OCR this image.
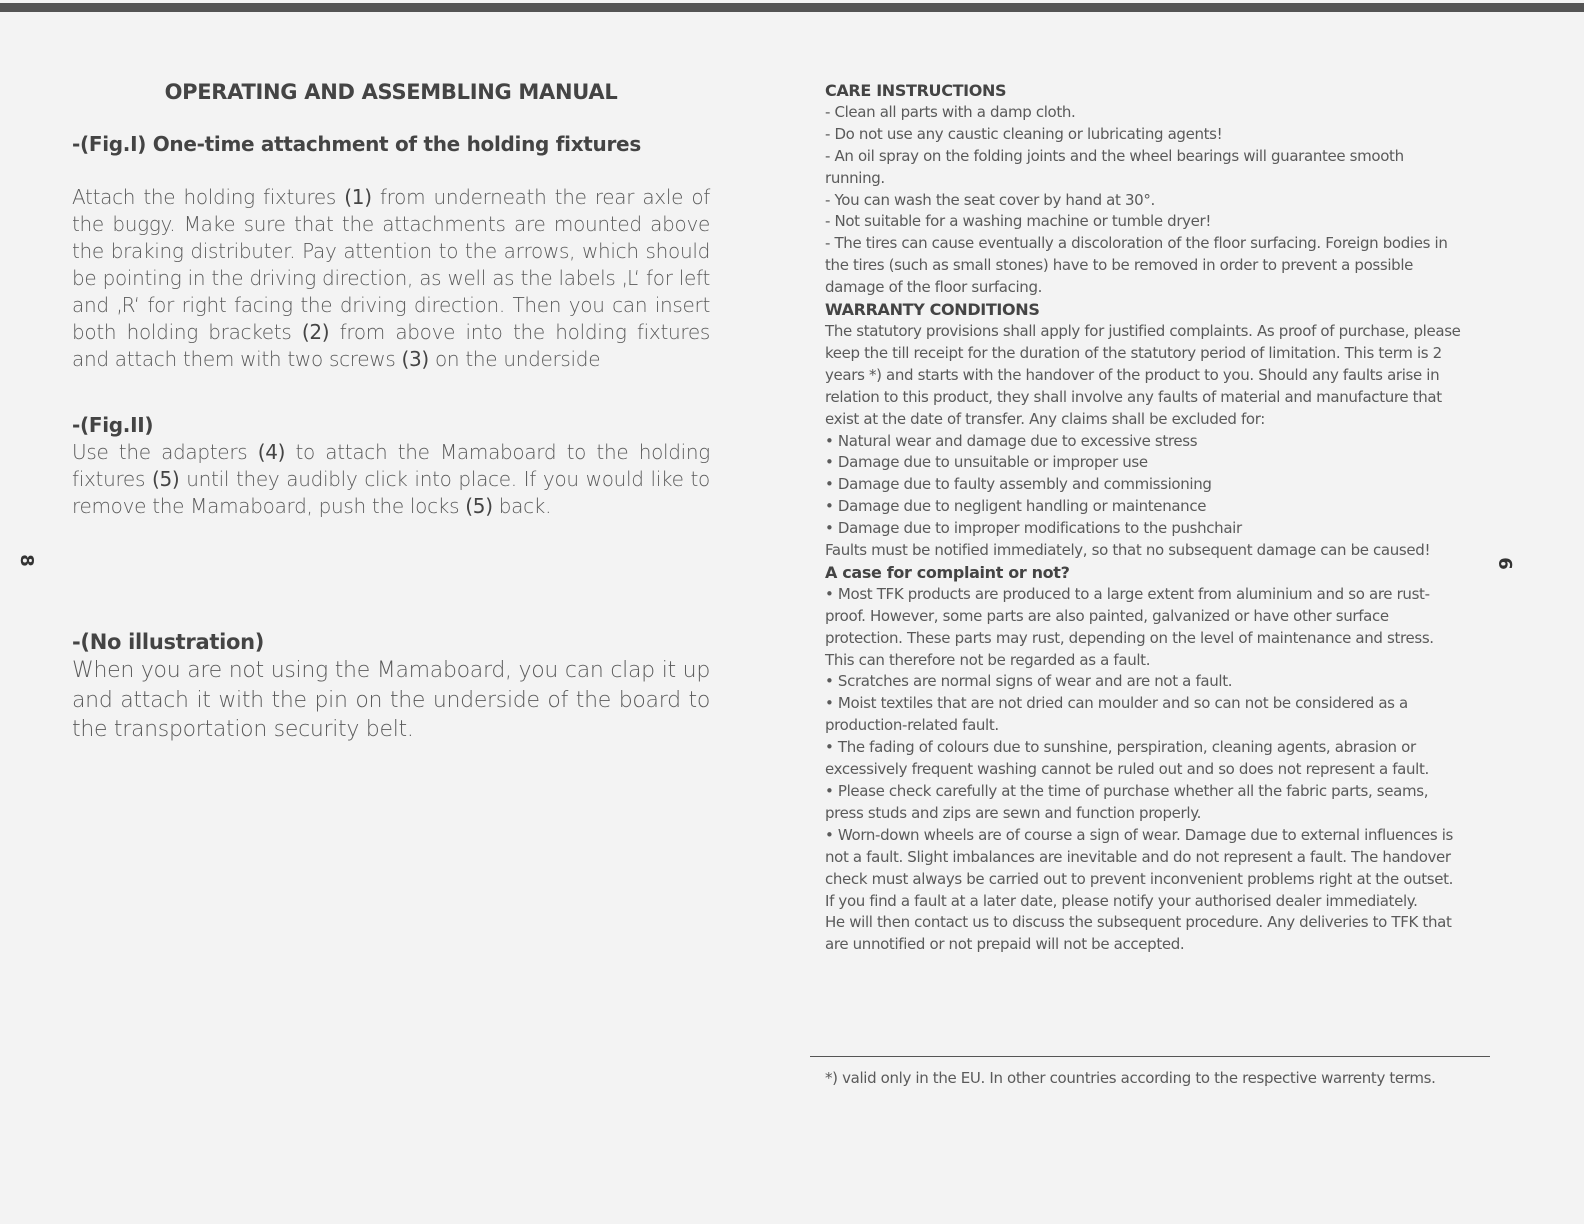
OPERATING AND ASSEMBLING MANUAL
-(Fig.I) One-time attachment of the holding fixtures
Attach the holding fixtures (1) from underneath the rear axle of the buggy. Make sure that the attachments are mounted above the braking distributer. Pay attention to the arrows, which should be pointing in the driving direction, as well as the labels ‚L‘ for left and ‚R‘ for right facing the driving direction. Then you can insert both holding brackets (2) from above into the holding fixtures and attach them with two screws (3) on the underside
-(Fig.II)
Use the adapters (4) to attach the Mamaboard to the holding fixtures (5) until they audibly click into place. If you would like to remove the Mamaboard, push the locks (5) back.
-(No illustration)
When you are not using the Mamaboard, you can clap it up and attach it with the pin on the underside of the board to the transportation security belt.
CARE INSTRUCTIONS
- Clean all parts with a damp cloth.
- Do not use any caustic cleaning or lubricating agents!
- An oil spray on the folding joints and the wheel bearings will guarantee smooth running.
- You can wash the seat cover by hand at 30°.
- Not suitable for a washing machine or tumble dryer!
- The tires can cause eventually a discoloration of the floor surfacing. Foreign bodies in the tires (such as small stones) have to be removed in order to prevent a possible damage of the floor surfacing.
WARRANTY CONDITIONS
The statutory provisions shall apply for justified complaints. As proof of purchase, please keep the till receipt for the duration of the statutory period of limitation. This term is 2 years *) and starts with the handover of the product to you. Should any faults arise in relation to this product, they shall involve any faults of material and manufacture that exist at the date of transfer. Any claims shall be excluded for:
• Natural wear and damage due to excessive stress
• Damage due to unsuitable or improper use
• Damage due to faulty assembly and commissioning
• Damage due to negligent handling or maintenance
• Damage due to improper modifications to the pushchair
Faults must be notified immediately, so that no subsequent damage can be caused!
A case for complaint or not?
• Most TFK products are produced to a large extent from aluminium and so are rust-proof. However, some parts are also painted, galvanized or have other surface protection. These parts may rust, depending on the level of maintenance and stress. This can therefore not be regarded as a fault.
• Scratches are normal signs of wear and are not a fault.
• Moist textiles that are not dried can moulder and so can not be considered as a production-related fault.
• The fading of colours due to sunshine, perspiration, cleaning agents, abrasion or excessively frequent washing cannot be ruled out and so does not represent a fault.
• Please check carefully at the time of purchase whether all the fabric parts, seams, press studs and zips are sewn and function properly.
• Worn-down wheels are of course a sign of wear. Damage due to external influences is not a fault. Slight imbalances are inevitable and do not represent a fault. The handover check must always be carried out to prevent inconvenient problems right at the outset. If you find a fault at a later date, please notify your authorised dealer immediately.
He will then contact us to discuss the subsequent procedure. Any deliveries to TFK that are unnotified or not prepaid will not be accepted.
*) valid only in the EU. In other countries according to the respective warrenty terms.
8	9
